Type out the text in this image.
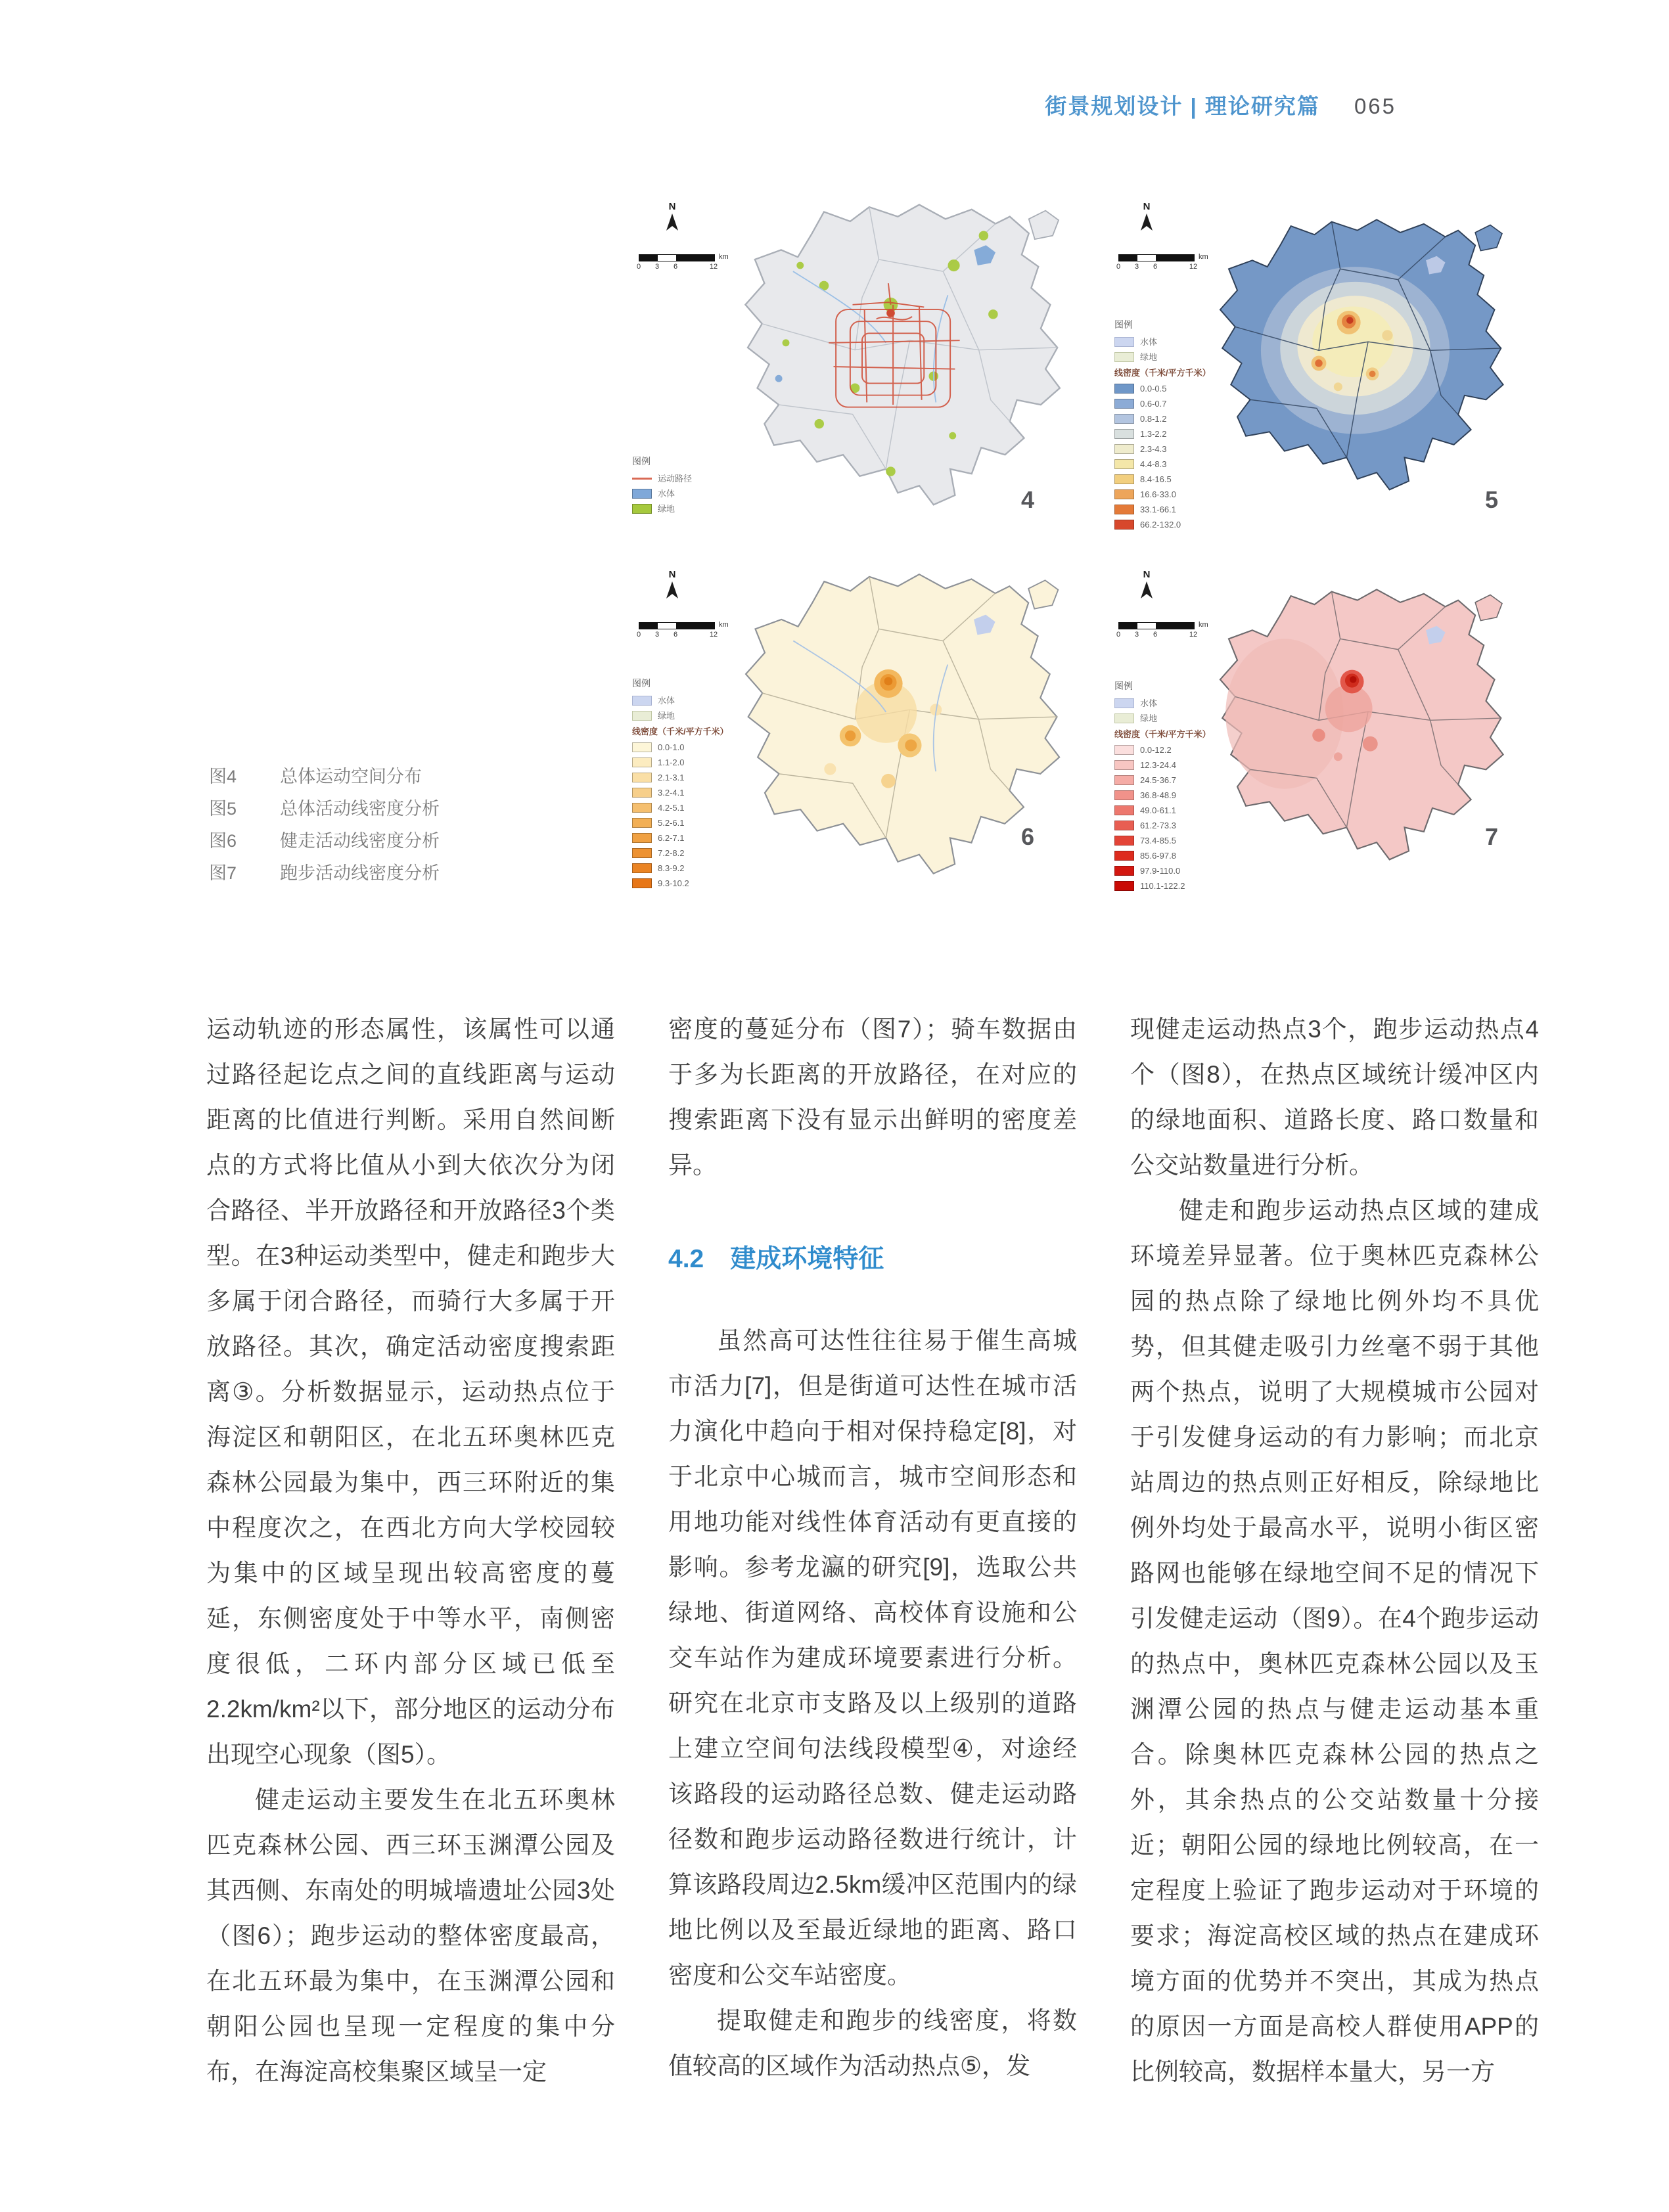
街景规划设计 | 理论研究篇 065
N
km
0 3 6	12
图例
运动路径
水体
绿地	4
N
km
0 3 6	12
图例
水体
绿地
线密度（千米/平方千米）
0.0-0.5
0.6-0.7
0.8-1.2
1.3-2.2
2.3-4.3
4.4-8.3
8.4-16.5
16.6-33.0
33.1-66.1
66.2-132.0
5
N
km
0 3 6	12
图例
水体
绿地
线密度（千米/平方千米）
0.0-1.0
1.1-2.0
2.1-3.1
3.2-4.1
4.2-5.1
5.2-6.1
6.2-7.1
7.2-8.2
8.3-9.2
9.3-10.2
6
N
km
0 3 6	12
图例
水体
绿地
线密度（千米/平方千米）
0.0-12.2
12.3-24.4
24.5-36.7
36.8-48.9
49.0-61.1
61.2-73.3
73.4-85.5
85.6-97.8
97.9-110.0
110.1-122.2
7
图4 总体运动空间分布
图5 总体活动线密度分析
图6 健走活动线密度分析
图7 跑步活动线密度分析

运动轨迹的形态属性，该属性可以通过路径起讫点之间的直线距离与运动距离的比值进行判断。采用自然间断点的方式将比值从小到大依次分为闭合路径、半开放路径和开放路径3个类型。在3种运动类型中，健走和跑步大多属于闭合路径，而骑行大多属于开放路径。其次，确定活动密度搜索距离③。分析数据显示，运动热点位于海淀区和朝阳区，在北五环奥林匹克森林公园最为集中，西三环附近的集中程度次之，在西北方向大学校园较为集中的区域呈现出较高密度的蔓延，东侧密度处于中等水平，南侧密度很低，二环内部分区域已低至2.2km/km²以下，部分地区的运动分布出现空心现象（图5）。

健走运动主要发生在北五环奥林匹克森林公园、西三环玉渊潭公园及其西侧、东南处的明城墙遗址公园3处（图6）；跑步运动的整体密度最高，在北五环最为集中，在玉渊潭公园和朝阳公园也呈现一定程度的集中分布，在海淀高校集聚区域呈一定

密度的蔓延分布（图7）；骑车数据由于多为长距离的开放路径，在对应的搜索距离下没有显示出鲜明的密度差异。

4.2 建成环境特征

虽然高可达性往往易于催生高城市活力[7]，但是街道可达性在城市活力演化中趋向于相对保持稳定[8]，对于北京中心城而言，城市空间形态和用地功能对线性体育活动有更直接的影响。参考龙瀛的研究[9]，选取公共绿地、街道网络、高校体育设施和公交车站作为建成环境要素进行分析。研究在北京市支路及以上级别的道路上建立空间句法线段模型④，对途经该路段的运动路径总数、健走运动路径数和跑步运动路径数进行统计，计算该路段周边2.5km缓冲区范围内的绿地比例以及至最近绿地的距离、路口密度和公交车站密度。

提取健走和跑步的线密度，将数值较高的区域作为活动热点⑤，发

现健走运动热点3个，跑步运动热点4个（图8），在热点区域统计缓冲区内的绿地面积、道路长度、路口数量和公交站数量进行分析。

健走和跑步运动热点区域的建成环境差异显著。位于奥林匹克森林公园的热点除了绿地比例外均不具优势，但其健走吸引力丝毫不弱于其他两个热点，说明了大规模城市公园对于引发健身运动的有力影响；而北京站周边的热点则正好相反，除绿地比例外均处于最高水平，说明小街区密路网也能够在绿地空间不足的情况下引发健走运动（图9）。在4个跑步运动的热点中，奥林匹克森林公园以及玉渊潭公园的热点与健走运动基本重合。除奥林匹克森林公园的热点之外，其余热点的公交站数量十分接近；朝阳公园的绿地比例较高，在一定程度上验证了跑步运动对于环境的要求；海淀高校区域的热点在建成环境方面的优势并不突出，其成为热点的原因一方面是高校人群使用APP的比例较高，数据样本量大，另一方
